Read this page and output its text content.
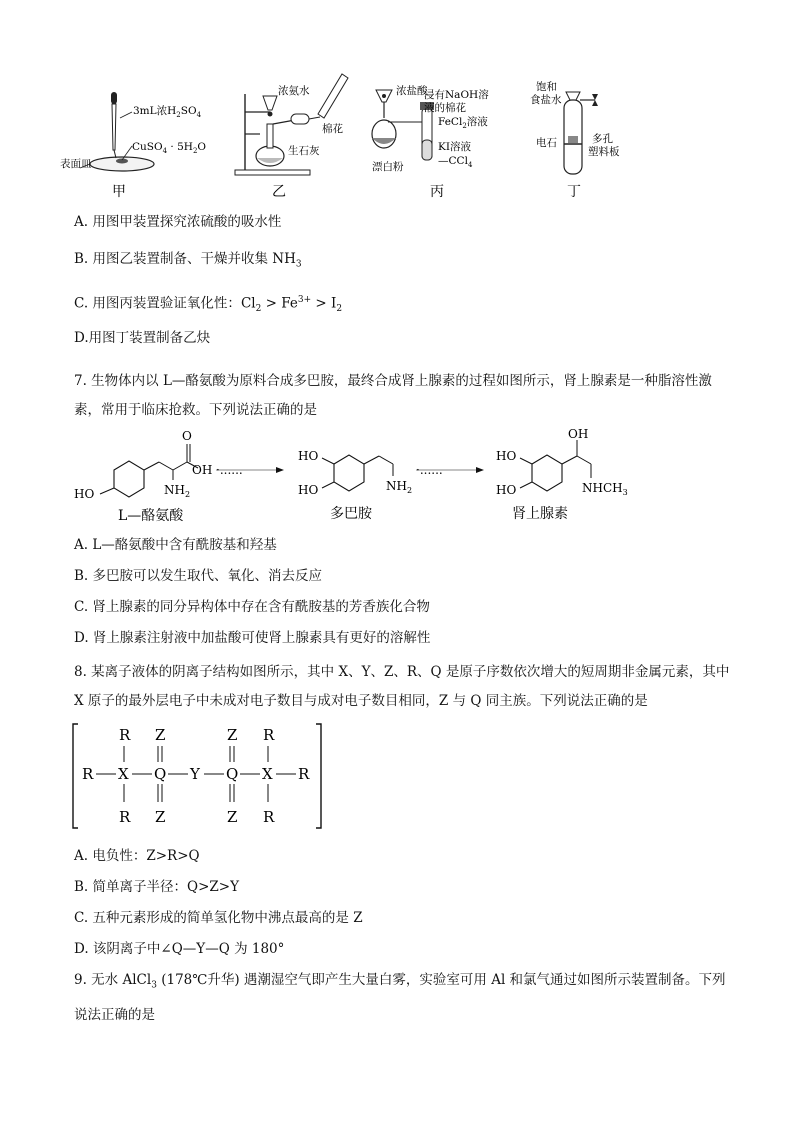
3mL浓$H_2SO_4$
表面皿
CuSO$_4$ · $5H_2O$
甲
浓氨水
棉花
生石灰
乙
浓盐酸
浸有NaOH溶
液的棉花
FeCl$_2$溶液
KI溶液
—CCl$_4$
漂白粉
丙
饱和
食盐水
电石	多孔
塑料板
丁
A. 用图甲装置探究浓硫酸的吸水性
B. 用图乙装置制备、干燥并收集 $NH_3$
C. 用图丙装置验证氧化性：$Cl_2 > Fe^{3+} > I_2$
D.用图丁装置制备乙炔
7. 生物体内以 L—酪氨酸为原料合成多巴胺，最终合成肾上腺素的过程如图所示，肾上腺素是一种脂溶性激素，常用于临床抢救。下列说法正确的是
HO
O
OH
$NH_2$
·......
L—酪氨酸
HO
HO	$NH_2$
·......
多巴胺
HO
HO
OH
$NHCH_3$
肾上腺素
A. L—酪氨酸中含有酰胺基和羟基
B. 多巴胺可以发生取代、氧化、消去反应
C. 肾上腺素的同分异构体中存在含有酰胺基的芳香族化合物
D. 肾上腺素注射液中加盐酸可使肾上腺素具有更好的溶解性
8. 某离子液体的阴离子结构如图所示，其中 X、Y、Z、R、Q 是原子序数依次增大的短周期非金属元素，其中 X 原子的最外层电子中未成对电子数目与成对电子数目相同，Z 与 Q 同主族。下列说法正确的是
R X Q Y Q X R
R
R
Z
Z
Z
Z
R
R
A. 电负性：Z>R>Q
B. 简单离子半径：Q>Z>Y
C. 五种元素形成的简单氢化物中沸点最高的是 Z
D. 该阴离子中∠Q—Y—Q 为 180°
9. 无水 AlCl$_3$ (178℃升华) 遇潮湿空气即产生大量白雾，实验室可用 Al 和氯气通过如图所示装置制备。下列说法正确的是
